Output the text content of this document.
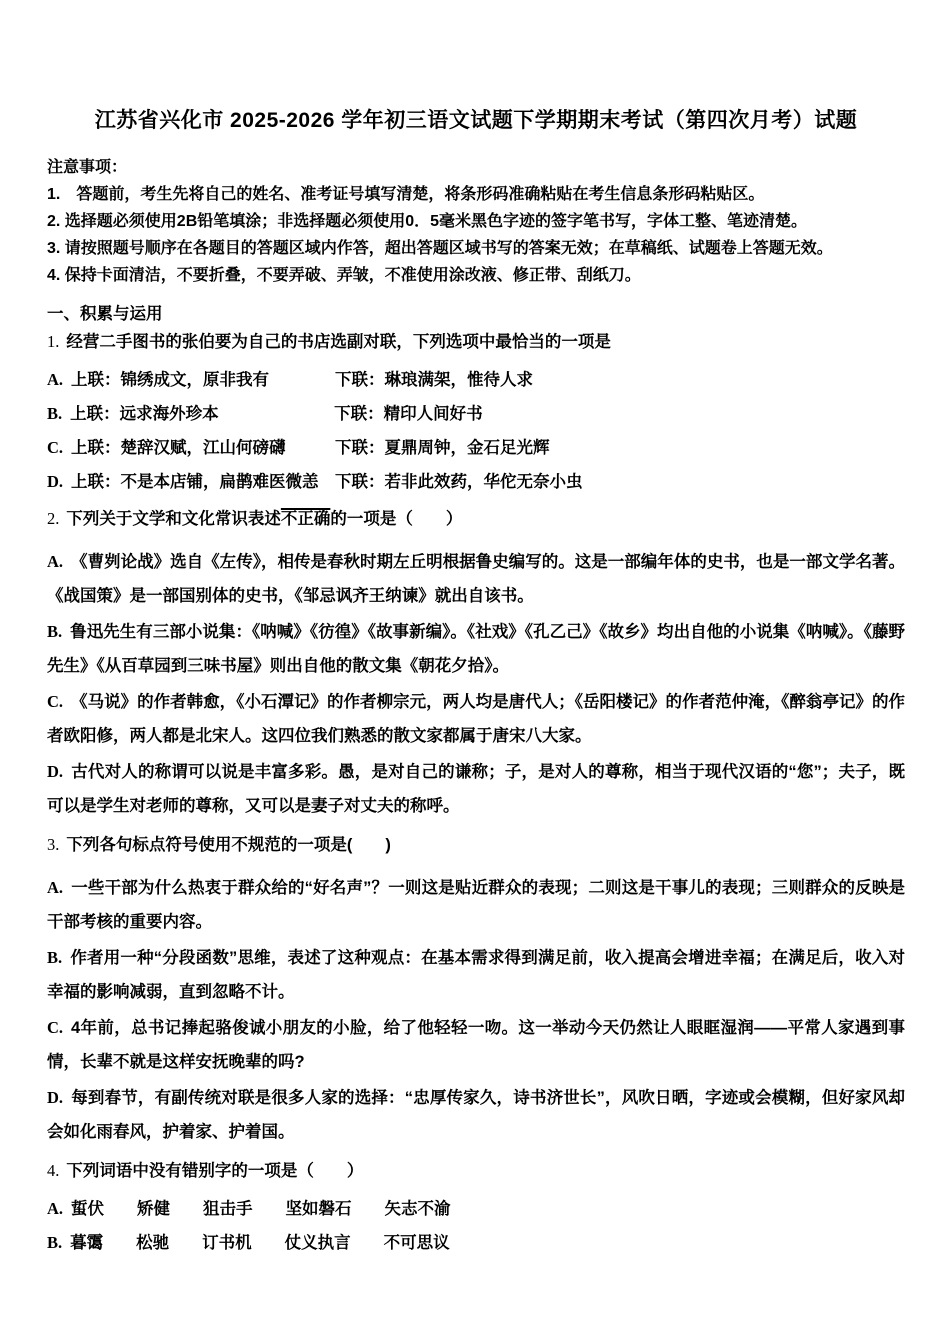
江苏省兴化市 2025-2026 学年初三语文试题下学期期末考试（第四次月考）试题

注意事项：

1.　答题前，考生先将自己的姓名、准考证号填写清楚，将条形码准确粘贴在考生信息条形码粘贴区。

2. 选择题必须使用2B铅笔填涂；非选择题必须使用0．5毫米黑色字迹的签字笔书写，字体工整、笔迹清楚。

3. 请按照题号顺序在各题目的答题区域内作答，超出答题区域书写的答案无效；在草稿纸、试题卷上答题无效。

4. 保持卡面清洁，不要折叠，不要弄破、弄皱，不准使用涂改液、修正带、刮纸刀。

一、积累与运用

1. 经营二手图书的张伯要为自己的书店选副对联，下列选项中最恰当的一项是

A. 上联：锦绣成文，原非我有	下联：琳琅满架，惟待人求

B. 上联：远求海外珍本	下联：精印人间好书

C. 上联：楚辞汉赋，江山何磅礴	下联：夏鼎周钟，金石足光辉

D. 上联：不是本店铺，扁鹊难医微恙 下联：若非此效药，华佗无奈小虫

2. 下列关于文学和文化常识表述不正确的一项是（　　）

A. 《曹刿论战》选自《左传》，相传是春秋时期左丘明根据鲁史编写的。这是一部编年体的史书，也是一部文学名著。《战国策》是一部国别体的史书，《邹忌讽齐王纳谏》就出自该书。

B. 鲁迅先生有三部小说集：《呐喊》《彷徨》《故事新编》。《社戏》《孔乙己》《故乡》均出自他的小说集《呐喊》。《藤野先生》《从百草园到三味书屋》则出自他的散文集《朝花夕拾》。

C. 《马说》的作者韩愈，《小石潭记》的作者柳宗元，两人均是唐代人；《岳阳楼记》的作者范仲淹，《醉翁亭记》的作者欧阳修，两人都是北宋人。这四位我们熟悉的散文家都属于唐宋八大家。

D. 古代对人的称谓可以说是丰富多彩。愚，是对自己的谦称；子，是对人的尊称，相当于现代汉语的“您”；夫子，既可以是学生对老师的尊称，又可以是妻子对丈夫的称呼。

3. 下列各句标点符号使用不规范的一项是(　　)

A. 一些干部为什么热衷于群众给的“好名声”？一则这是贴近群众的表现；二则这是干事儿的表现；三则群众的反映是干部考核的重要内容。

B. 作者用一种“分段函数”思维，表述了这种观点：在基本需求得到满足前，收入提高会增进幸福；在满足后，收入对幸福的影响减弱，直到忽略不计。

C. 4年前，总书记捧起骆俊诚小朋友的小脸，给了他轻轻一吻。这一举动今天仍然让人眼眶湿润——平常人家遇到事情，长辈不就是这样安抚晚辈的吗?

D. 每到春节，有副传统对联是很多人家的选择：“忠厚传家久，诗书济世长”，风吹日晒，字迹或会模糊，但好家风却会如化雨春风，护着家、护着国。

4. 下列词语中没有错别字的一项是（　　）

A. 蜇伏 矫健 狙击手 坚如磐石 矢志不渝

B. 暮霭 松驰 订书机 仗义执言 不可思议
